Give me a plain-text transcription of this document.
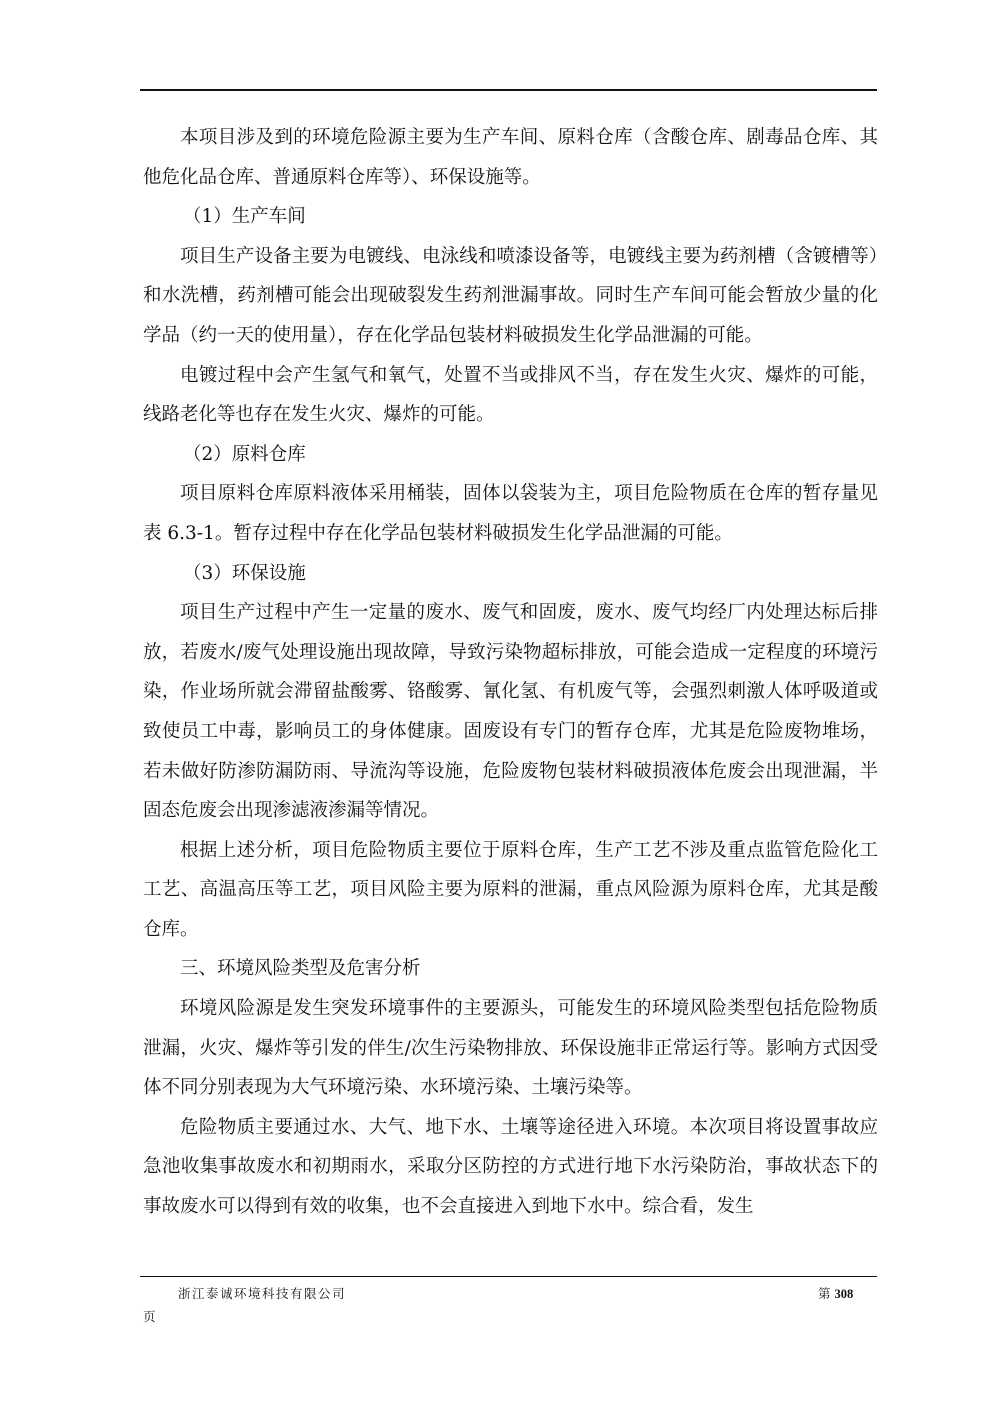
本项目涉及到的环境危险源主要为生产车间、原料仓库（含酸仓库、剧毒品仓库、其他危化品仓库、普通原料仓库等）、环保设施等。

（1）生产车间

项目生产设备主要为电镀线、电泳线和喷漆设备等，电镀线主要为药剂槽（含镀槽等）和水洗槽，药剂槽可能会出现破裂发生药剂泄漏事故。同时生产车间可能会暂放少量的化学品（约一天的使用量），存在化学品包装材料破损发生化学品泄漏的可能。

电镀过程中会产生氢气和氧气，处置不当或排风不当，存在发生火灾、爆炸的可能，线路老化等也存在发生火灾、爆炸的可能。

（2）原料仓库

项目原料仓库原料液体采用桶装，固体以袋装为主，项目危险物质在仓库的暂存量见表 6.3-1。暂存过程中存在化学品包装材料破损发生化学品泄漏的可能。

（3）环保设施

项目生产过程中产生一定量的废水、废气和固废，废水、废气均经厂内处理达标后排放，若废水/废气处理设施出现故障，导致污染物超标排放，可能会造成一定程度的环境污染，作业场所就会滞留盐酸雾、铬酸雾、氰化氢、有机废气等，会强烈刺激人体呼吸道或致使员工中毒，影响员工的身体健康。固废设有专门的暂存仓库，尤其是危险废物堆场，若未做好防渗防漏防雨、导流沟等设施，危险废物包装材料破损液体危废会出现泄漏，半固态危废会出现渗滤液渗漏等情况。

根据上述分析，项目危险物质主要位于原料仓库，生产工艺不涉及重点监管危险化工工艺、高温高压等工艺，项目风险主要为原料的泄漏，重点风险源为原料仓库，尤其是酸仓库。

三、环境风险类型及危害分析

环境风险源是发生突发环境事件的主要源头，可能发生的环境风险类型包括危险物质泄漏，火灾、爆炸等引发的伴生/次生污染物排放、环保设施非正常运行等。影响方式因受体不同分别表现为大气环境污染、水环境污染、土壤污染等。

危险物质主要通过水、大气、地下水、土壤等途径进入环境。本次项目将设置事故应急池收集事故废水和初期雨水，采取分区防控的方式进行地下水污染防治，事故状态下的事故废水可以得到有效的收集，也不会直接进入到地下水中。综合看，发生

浙江泰诚环境科技有限公司	第 308
页
